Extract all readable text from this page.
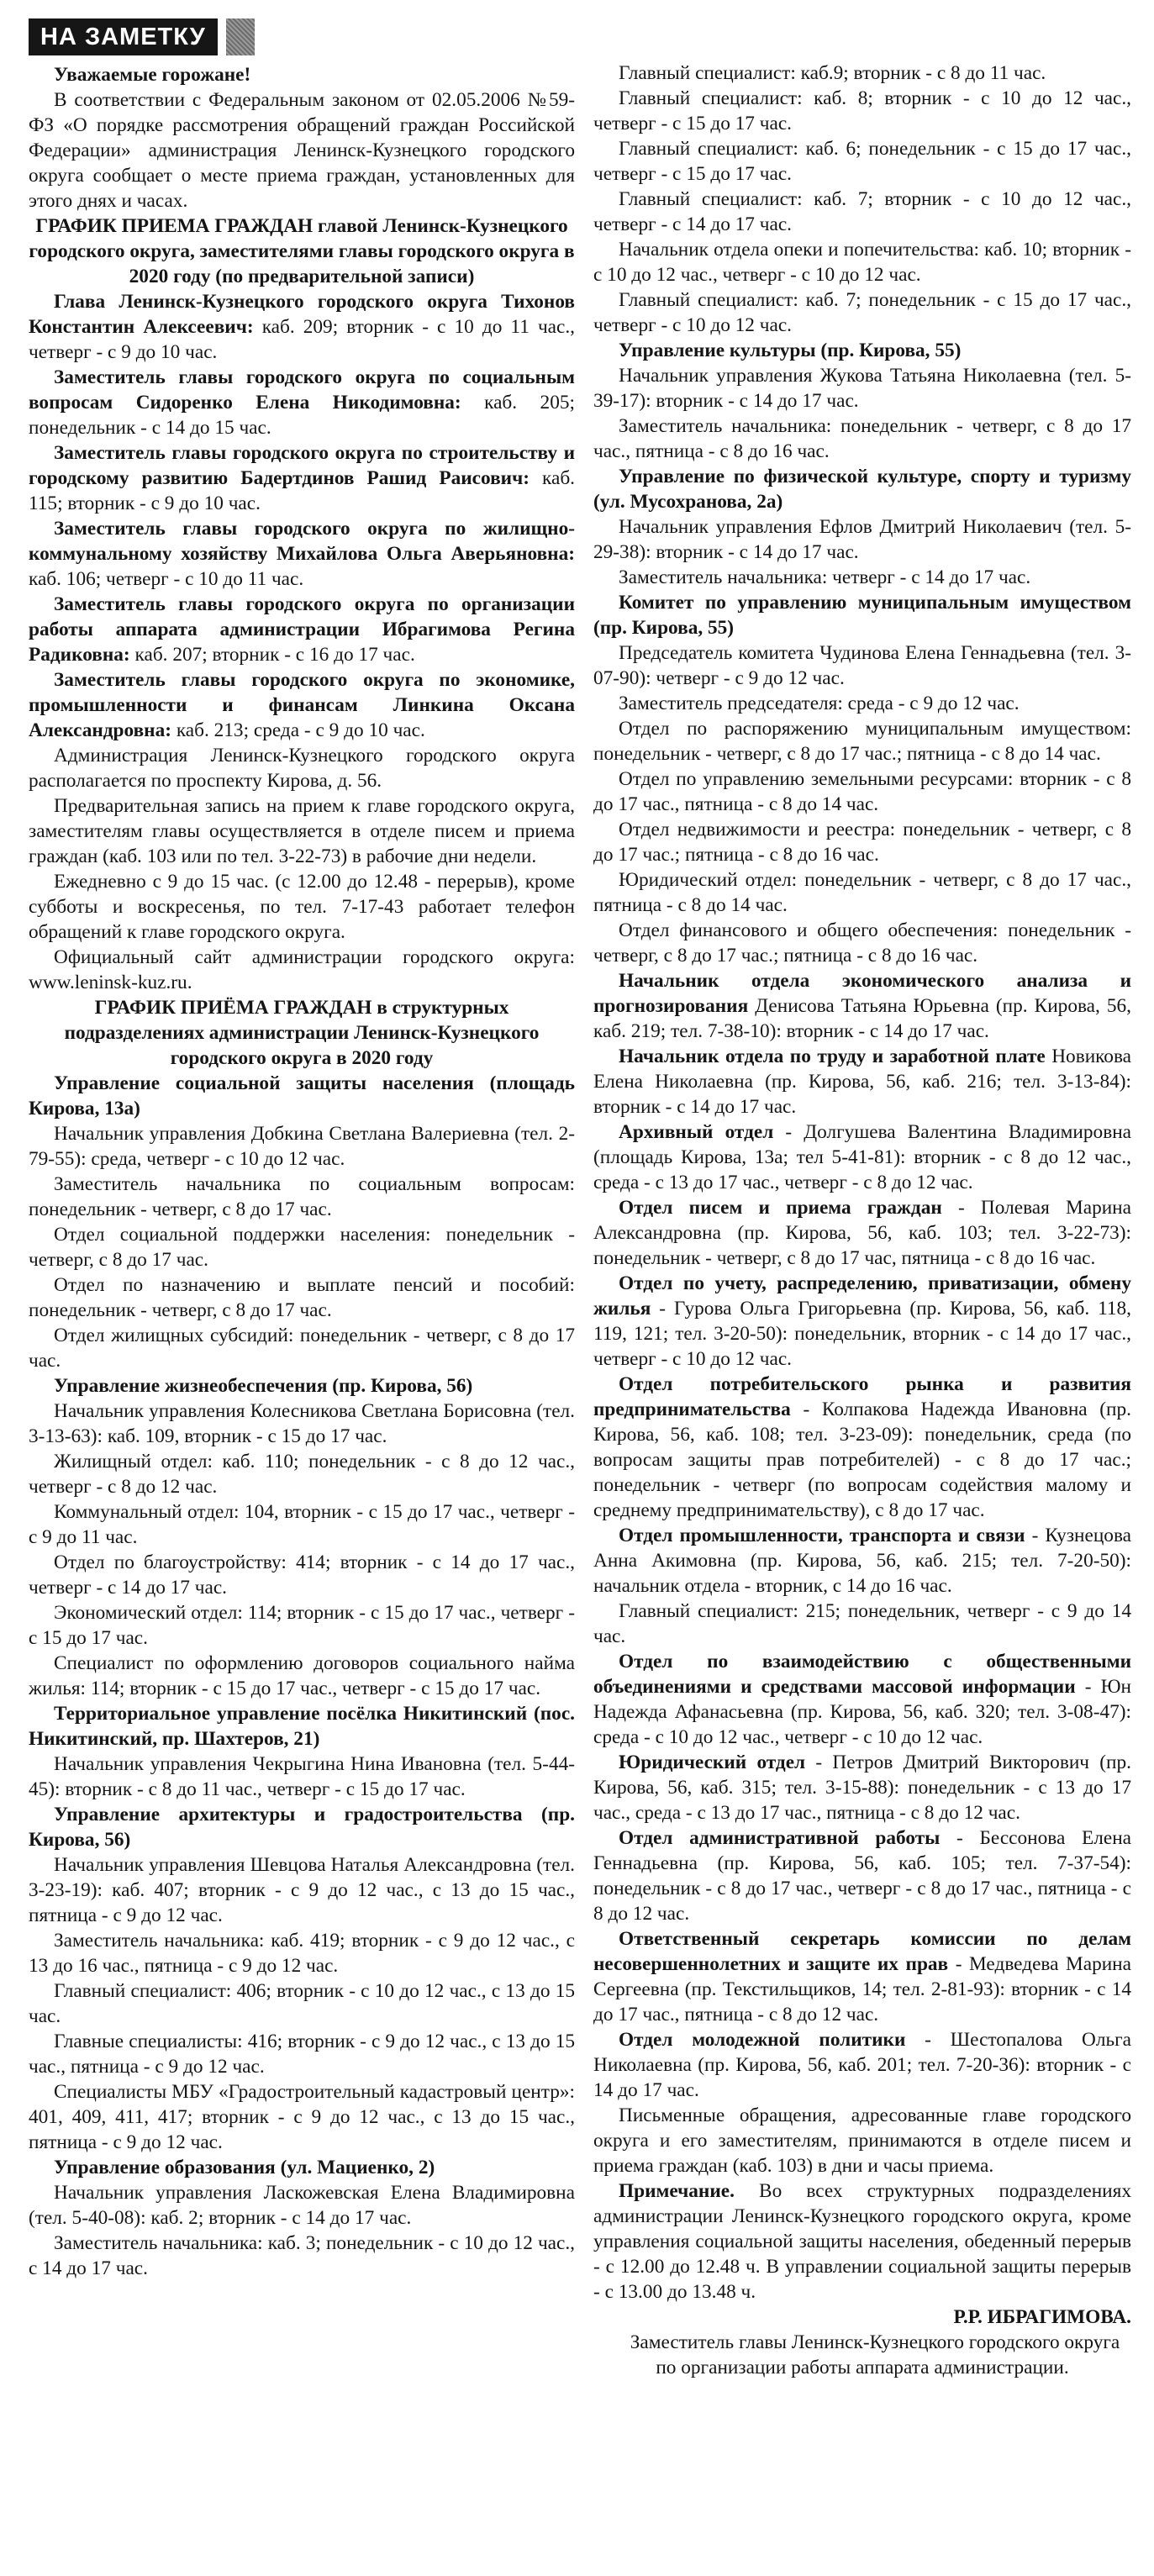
НА ЗАМЕТКУ

Уважаемые горожане!

В соответствии с Федеральным законом от 02.05.2006 №59-ФЗ «О порядке рассмотрения обращений граждан Российской Федерации» администрация Ленинск-Кузнецкого городского округа сообщает о месте приема граждан, установленных для этого днях и часах.

ГРАФИК ПРИЕМА ГРАЖДАН главой Ленинск-Кузнецкого городского округа, заместителями главы городского округа в 2020 году (по предварительной записи)

Глава Ленинск-Кузнецкого городского округа Тихонов Константин Алексеевич: каб. 209; вторник - с 10 до 11 час., четверг - с 9 до 10 час.

Заместитель главы городского округа по социальным вопросам Сидоренко Елена Никодимовна: каб. 205; понедельник - с 14 до 15 час.

Заместитель главы городского округа по строительству и городскому развитию Бадертдинов Рашид Раисович: каб. 115; вторник - с 9 до 10 час.

Заместитель главы городского округа по жилищно-коммунальному хозяйству Михайлова Ольга Аверьяновна: каб. 106; четверг - с 10 до 11 час.

Заместитель главы городского округа по организации работы аппарата администрации Ибрагимова Регина Радиковна: каб. 207; вторник - с 16 до 17 час.

Заместитель главы городского округа по экономике, промышленности и финансам Линкина Оксана Александровна: каб. 213; среда - с 9 до 10 час.

Администрация Ленинск-Кузнецкого городского округа располагается по проспекту Кирова, д. 56.

Предварительная запись на прием к главе городского округа, заместителям главы осуществляется в отделе писем и приема граждан (каб. 103 или по тел. 3-22-73) в рабочие дни недели.

Ежедневно с 9 до 15 час. (с 12.00 до 12.48 - перерыв), кроме субботы и воскресенья, по тел. 7-17-43 работает телефон обращений к главе городского округа.

Официальный сайт администрации городского округа: www.leninsk-kuz.ru.

ГРАФИК ПРИЁМА ГРАЖДАН в структурных подразделениях администрации Ленинск-Кузнецкого городского округа в 2020 году

Управление социальной защиты населения (площадь Кирова, 13а)

Начальник управления Добкина Светлана Валериевна (тел. 2-79-55): среда, четверг - с 10 до 12 час.

Заместитель начальника по социальным вопросам: понедельник - четверг, с 8 до 17 час.

Отдел социальной поддержки населения: понедельник - четверг, с 8 до 17 час.

Отдел по назначению и выплате пенсий и пособий: понедельник - четверг, с 8 до 17 час.

Отдел жилищных субсидий: понедельник - четверг, с 8 до 17 час.

Управление жизнеобеспечения (пр. Кирова, 56)

Начальник управления Колесникова Светлана Борисовна (тел. 3-13-63): каб. 109, вторник - с 15 до 17 час.

Жилищный отдел: каб. 110; понедельник - с 8 до 12 час., четверг - с 8 до 12 час.

Коммунальный отдел: 104, вторник - с 15 до 17 час., четверг - с 9 до 11 час.

Отдел по благоустройству: 414; вторник - с 14 до 17 час., четверг - с 14 до 17 час.

Экономический отдел: 114; вторник - с 15 до 17 час., четверг - с 15 до 17 час.

Специалист по оформлению договоров социального найма жилья: 114; вторник - с 15 до 17 час., четверг - с 15 до 17 час.

Территориальное управление посёлка Никитинский (пос. Никитинский, пр. Шахтеров, 21)

Начальник управления Чекрыгина Нина Ивановна (тел. 5-44-45): вторник - с 8 до 11 час., четверг - с 15 до 17 час.

Управление архитектуры и градостроительства (пр. Кирова, 56)

Начальник управления Шевцова Наталья Александровна (тел. 3-23-19): каб. 407; вторник - с 9 до 12 час., с 13 до 15 час., пятница - с 9 до 12 час.

Заместитель начальника: каб. 419; вторник - с 9 до 12 час., с 13 до 16 час., пятница - с 9 до 12 час.

Главный специалист: 406; вторник - с 10 до 12 час., с 13 до 15 час.

Главные специалисты: 416; вторник - с 9 до 12 час., с 13 до 15 час., пятница - с 9 до 12 час.

Специалисты МБУ «Градостроительный кадастровый центр»: 401, 409, 411, 417; вторник - с 9 до 12 час., с 13 до 15 час., пятница - с 9 до 12 час.

Управление образования (ул. Мациенко, 2)

Начальник управления Ласкожевская Елена Владимировна (тел. 5-40-08): каб. 2; вторник - с 14 до 17 час.

Заместитель начальника: каб. 3; понедельник - с 10 до 12 час., с 14 до 17 час.

Главный специалист: каб.9; вторник - с 8 до 11 час.

Главный специалист: каб. 8; вторник - с 10 до 12 час., четверг - с 15 до 17 час.

Главный специалист: каб. 6; понедельник - с 15 до 17 час., четверг - с 15 до 17 час.

Главный специалист: каб. 7; вторник - с 10 до 12 час., четверг - с 14 до 17 час.

Начальник отдела опеки и попечительства: каб. 10; вторник - с 10 до 12 час., четверг - с 10 до 12 час.

Главный специалист: каб. 7; понедельник - с 15 до 17 час., четверг - с 10 до 12 час.

Управление культуры (пр. Кирова, 55)

Начальник управления Жукова Татьяна Николаевна (тел. 5-39-17): вторник - с 14 до 17 час.

Заместитель начальника: понедельник - четверг, с 8 до 17 час., пятница - с 8 до 16 час.

Управление по физической культуре, спорту и туризму (ул. Мусохранова, 2а)

Начальник управления Ефлов Дмитрий Николаевич (тел. 5-29-38): вторник - с 14 до 17 час.

Заместитель начальника: четверг - с 14 до 17 час.

Комитет по управлению муниципальным имуществом (пр. Кирова, 55)

Председатель комитета Чудинова Елена Геннадьевна (тел. 3-07-90): четверг - с 9 до 12 час.

Заместитель председателя: среда - с 9 до 12 час.

Отдел по распоряжению муниципальным имуществом: понедельник - четверг, с 8 до 17 час.; пятница - с 8 до 14 час.

Отдел по управлению земельными ресурсами: вторник - с 8 до 17 час., пятница - с 8 до 14 час.

Отдел недвижимости и реестра: понедельник - четверг, с 8 до 17 час.; пятница - с 8 до 16 час.

Юридический отдел: понедельник - четверг, с 8 до 17 час., пятница - с 8 до 14 час.

Отдел финансового и общего обеспечения: понедельник - четверг, с 8 до 17 час.; пятница - с 8 до 16 час.

Начальник отдела экономического анализа и прогнозирования Денисова Татьяна Юрьевна (пр. Кирова, 56, каб. 219; тел. 7-38-10): вторник - с 14 до 17 час.

Начальник отдела по труду и заработной плате Новикова Елена Николаевна (пр. Кирова, 56, каб. 216; тел. 3-13-84): вторник - с 14 до 17 час.

Архивный отдел - Долгушева Валентина Владимировна (площадь Кирова, 13а; тел 5-41-81): вторник - с 8 до 12 час., среда - с 13 до 17 час., четверг - с 8 до 12 час.

Отдел писем и приема граждан - Полевая Марина Александровна (пр. Кирова, 56, каб. 103; тел. 3-22-73): понедельник - четверг, с 8 до 17 час, пятница - с 8 до 16 час.

Отдел по учету, распределению, приватизации, обмену жилья - Гурова Ольга Григорьевна (пр. Кирова, 56, каб. 118, 119, 121; тел. 3-20-50): понедельник, вторник - с 14 до 17 час., четверг - с 10 до 12 час.

Отдел потребительского рынка и развития предпринимательства - Колпакова Надежда Ивановна (пр. Кирова, 56, каб. 108; тел. 3-23-09): понедельник, среда (по вопросам защиты прав потребителей) - с 8 до 17 час.; понедельник - четверг (по вопросам содействия малому и среднему предпринимательству), с 8 до 17 час.

Отдел промышленности, транспорта и связи - Кузнецова Анна Акимовна (пр. Кирова, 56, каб. 215; тел. 7-20-50): начальник отдела - вторник, с 14 до 16 час.

Главный специалист: 215; понедельник, четверг - с 9 до 14 час.

Отдел по взаимодействию с общественными объединениями и средствами массовой информации - Юн Надежда Афанасьевна (пр. Кирова, 56, каб. 320; тел. 3-08-47): среда - с 10 до 12 час., четверг - с 10 до 12 час.

Юридический отдел - Петров Дмитрий Викторович (пр. Кирова, 56, каб. 315; тел. 3-15-88): понедельник - с 13 до 17 час., среда - с 13 до 17 час., пятница - с 8 до 12 час.

Отдел административной работы - Бессонова Елена Геннадьевна (пр. Кирова, 56, каб. 105; тел. 7-37-54): понедельник - с 8 до 17 час., четверг - с 8 до 17 час., пятница - с 8 до 12 час.

Ответственный секретарь комиссии по делам несовершеннолетних и защите их прав - Медведева Марина Сергеевна (пр. Текстильщиков, 14; тел. 2-81-93): вторник - с 14 до 17 час., пятница - с 8 до 12 час.

Отдел молодежной политики - Шестопалова Ольга Николаевна (пр. Кирова, 56, каб. 201; тел. 7-20-36): вторник - с 14 до 17 час.

Письменные обращения, адресованные главе городского округа и его заместителям, принимаются в отделе писем и приема граждан (каб. 103) в дни и часы приема.

Примечание. Во всех структурных подразделениях администрации Ленинск-Кузнецкого городского округа, кроме управления социальной защиты населения, обеденный перерыв - с 12.00 до 12.48 ч. В управлении социальной защиты перерыв - с 13.00 до 13.48 ч.

Р.Р. ИБРАГИМОВА.

Заместитель главы Ленинск-Кузнецкого городского округа по организации работы аппарата администрации.
